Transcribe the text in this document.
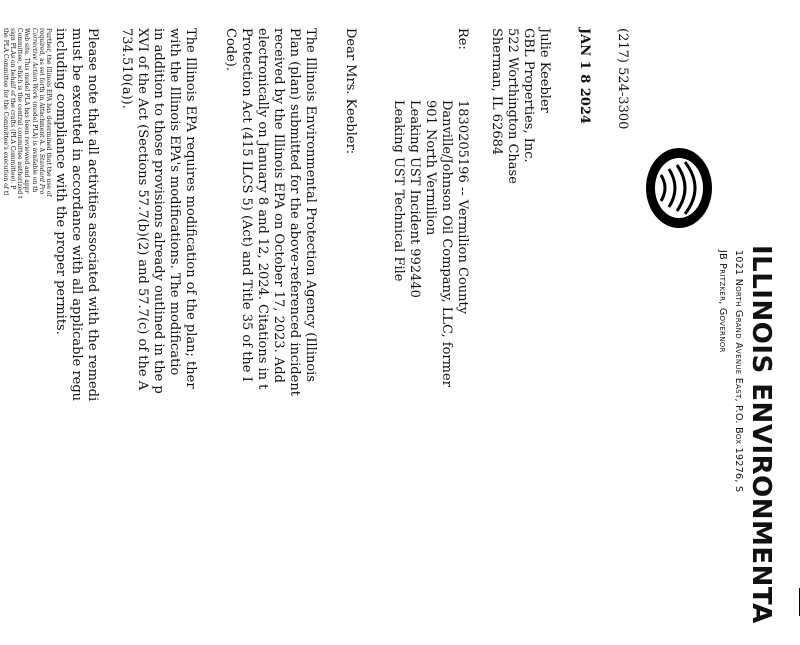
ILLINOIS ENVIRONMENTA
1021 North Grand Avenue East, P.O. Box 19276, S
JB Pritzker, Governor
(217) 524-3300
JAN 1 8 2024
Julie Keebler
GBL Properties, Inc.
522 Worthington Chase
Sherman, IL 62684
Re:
1830205196 -- Vermilion County
Danville/Johnson Oil Company, LLC, former
901 North Vermilion
Leaking UST Incident 992440
Leaking UST Technical File
Dear Mrs. Keebler:
The Illinois Environmental Protection Agency (Illinois
Plan (plan) submitted for the above-referenced incident
received by the Illinois EPA on October 17, 2023. Add
electronically on January 8 and 12, 2024. Citations in t
Protection Act (415 ILCS 5) (Act) and Title 35 of the I
Code).
The Illinois EPA requires modification of the plan; ther
with the Illinois EPA's modifications. The modificatio
in addition to those provisions already outlined in the p
XVI of the Act (Sections 57.7(b)(2) and 57.7(c) of the A
734.510(a)).
Please note that all activities associated with the remedi
must be executed in accordance with all applicable regu
including compliance with the proper permits.
Further, the Illinois EPA has determined that the use of
required, as set forth in Attachment A. A Standard Pro
Corrective Action Work (model PLA) is available on th
Web site. This model PLA has been reviewed and appr
Committee, which is the central committee authorized t
sign PLAs on behalf of the crafts (PLA Committee). P
the PLA Committee for the Committee's execution of tl
